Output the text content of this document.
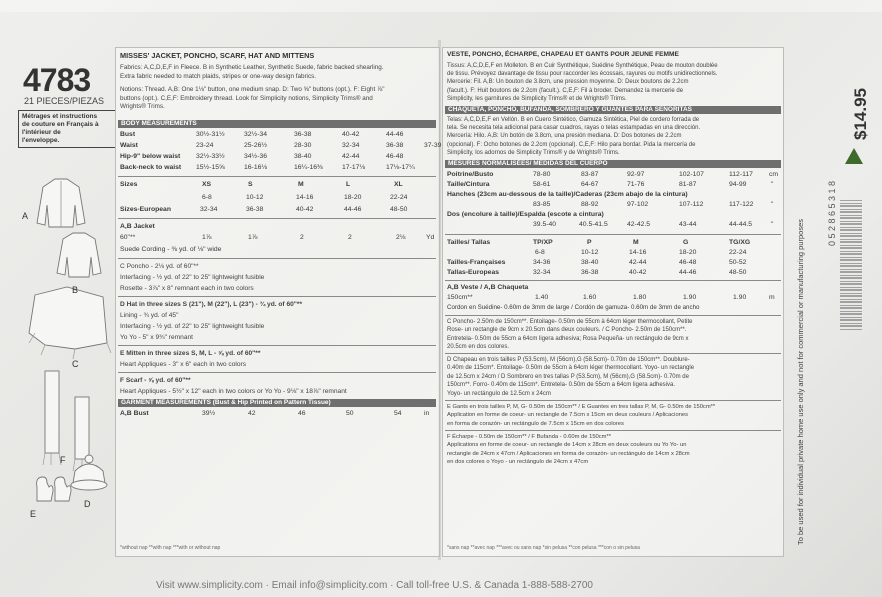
4783
21 PIECES/PIEZAS
Métrages et instructions
de couture en Français à
l'intérieur de
l'enveloppe.
A
B
C
F
E
D
MISSES' JACKET, PONCHO, SCARF, HAT AND MITTENS

Fabrics: A,C,D,E,F in Fleece. B in Synthetic Leather, Synthetic Suede, fabric backed shearling.

Extra fabric needed to match plaids, stripes or one-way design fabrics.

Notions: Thread. A,B: One 1⅛" button, one medium snap. D: Two ⅝" buttons (opt.). F: Eight ⅞"

buttons (opt.). C,E,F: Embroidery thread. Look for Simplicity notions, Simplicity Trims® and

Wrights® Trims.

BODY MEASUREMENTS
Bust	30½-31½	32½-34	36-38	40-42	44-46
Waist	23-24	25-26½	28-30	32-34	36-38	37-39
Hip-9" below waist 32½-33½	34½-36	38-40	42-44	46-48
Back-neck to waist 15½-15⅝	16-16⅛	16¼-16⅜	17-17⅛	17⅛-17¼
Sizes	XS	S	M	L	XL
6-8	10-12	14-16	18-20	22-24
Sizes-European	32-34	36-38	40-42	44-46	48-50
A,B Jacket
60"**	1⅞	1⅞	2	2	2⅛	Yd
Suede Cording - ⅜ yd. of ⅛" wide

C Poncho - 2⅛ yd. of 60"**

Interfacing - ½ yd. of 22" to 25" lightweight fusible

Rosette - 3⅞" x 8" remnant each in two colors

D Hat in three sizes S (21"), M (22"), L (23") - ¾ yd. of 60"**

Lining - ¾ yd. of 45"

Interfacing - ½ yd. of 22" to 25" lightweight fusible

Yo Yo - 5" x 9¾" remnant

E Mitten in three sizes S, M, L - ⅝ yd. of 60"**

Heart Appliques - 3" x 6" each in two colors

F Scarf - ⅝ yd. of 60"**

Heart Appliques - 5½" x 12" each in two colors or Yo Yo - 9⅛" x 18⅞" remnant

GARMENT MEASUREMENTS (Bust & Hip Printed on Pattern Tissue)
A,B Bust	39½	42	46	50	54	in
*without nap **with nap ***with or without nap
VESTE, PONCHO, ÉCHARPE, CHAPEAU ET GANTS POUR JEUNE FEMME

Tissus: A,C,D,E,F en Molleton. B en Cuir Synthétique, Suédine Synthétique, Peau de mouton doublée

de tissu. Prévoyez davantage de tissu pour raccorder les écossais, rayures ou motifs unidirectionnels.

Mercerie: Fil. A,B: Un bouton de 3.8cm, une pression moyenne. D: Deux boutons de 2.2cm

(facult.). F: Huit boutons de 2.2cm (facult.). C,E,F: Fil à broder. Demandez la mercerie de

Simplicity, les garnitures de Simplicity Trims® et de Wrights® Trims.

CHAQUETA, PONCHO, BUFANDA, SOMBRERO Y GUANTES PARA SEÑORITAS

Telas: A,C,D,E,F en Vellón. B en Cuero Sintético, Gamuza Sintética, Piel de cordero forrada de

tela. Se necesita tela adicional para casar cuadros, rayas o telas estampadas en una dirección.

Mercería: Hilo. A,B: Un botón de 3.8cm, una presión mediana. D: Dos botones de 2.2cm

(opcional). F: Ocho botones de 2.2cm (opcional). C,E,F: Hilo para bordar. Pida la mercería de

Simplicity, los adornos de Simplicity Trims® y de Wrights® Trims.

MESURES NORMALISÉES/ MEDIDAS DEL CUERPO
Poitrine/Busto	78-80	83-87	92-97	102-107	112-117 cm
Taille/Cintura	58-61	64-67	71-76	81-87	94-99	"
Hanches (23cm au-dessous de la taille)/Caderas (23cm abajo de la cintura)
83-85	88-92	97-102	107-112	117-122	"
Dos (encolure à taille)/Espalda (escote a cintura)
39.5-40	40.5-41.5	42-42.5	43-44	44-44.5	"
Tailles/ Tallas	TP/XP	P	M	G	TG/XG
6-8	10-12	14-16	18-20	22-24
Tailles-Françaises	34-36	38-40	42-44	46-48	50-52
Tallas-Europeas	32-34	36-38	40-42	44-46	48-50
A,B Veste / A,B Chaqueta
150cm**	1.40	1.60	1.80	1.90	1.90	m
Cordon en Suédine- 0.60m de 3mm de large / Cordón de gamuza- 0.60m de 3mm de ancho

C Poncho- 2.50m de 150cm**. Entoilage- 0.50m de 55cm à 64cm léger thermocollant, Petite

Rose- un rectangle de 9cm x 20.5cm dans deux couleurs. / C Poncho- 2.50m de 150cm**.

Entretela- 0.50m de 55cm a 64cm ligera adhesiva; Rosa Pequeña- un rectángulo de 9cm x

20.5cm en dos colores.

D Chapeau en trois tailles P (53.5cm), M (56cm),G (58.5cm)- 0.70m de 150cm**. Doublure-

0.40m de 115cm*. Entoilage- 0.50m de 55cm à 64cm léger thermocollant. Yoyo- un rectangle

de 12.5cm x 24cm / D Sombrero en tres tallas P (53.5cm), M (56cm),G (58.5cm)- 0.70m de

150cm**. Forro- 0.40m de 115cm*. Entretela- 0.50m de 55cm a 64cm ligera adhesiva.

Yoyo- un rectángulo de 12.5cm x 24cm

E Gants en trois tailles P, M, G- 0.50m de 150cm** / E Guantes en tres tallas P, M, G- 0.50m de 150cm**

Application en forme de coeur- un rectangle de 7.5cm x 15cm en deux couleurs / Aplicaciones

en forma de corazón- un rectángulo de 7.5cm x 15cm en dos colores

F Écharpe - 0.50m de 150cm** / F Bufanda - 0.60m de 150cm**

Applications en forme de coeur- un rectangle de 14cm x 28cm en deux couleurs ou Yo Yo- un

rectangle de 24cm x 47cm / Aplicaciones en forma de corazón- un rectángulo de 14cm x 28cm

en dos colores o Yoyo - un rectángulo de 24cm x 47cm

*sans nap **avec nap ***avec ou sans nap *sin pelusa **con pelusa ***con o sin pelusa
To be used for individual private home use only and not for commercial or manufacturing purposes
$14.95
0 5 2 8 6 5 3 1 8
Visit www.simplicity.com · Email info@simplicity.com · Call toll-free U.S. & Canada 1-888-588-2700
